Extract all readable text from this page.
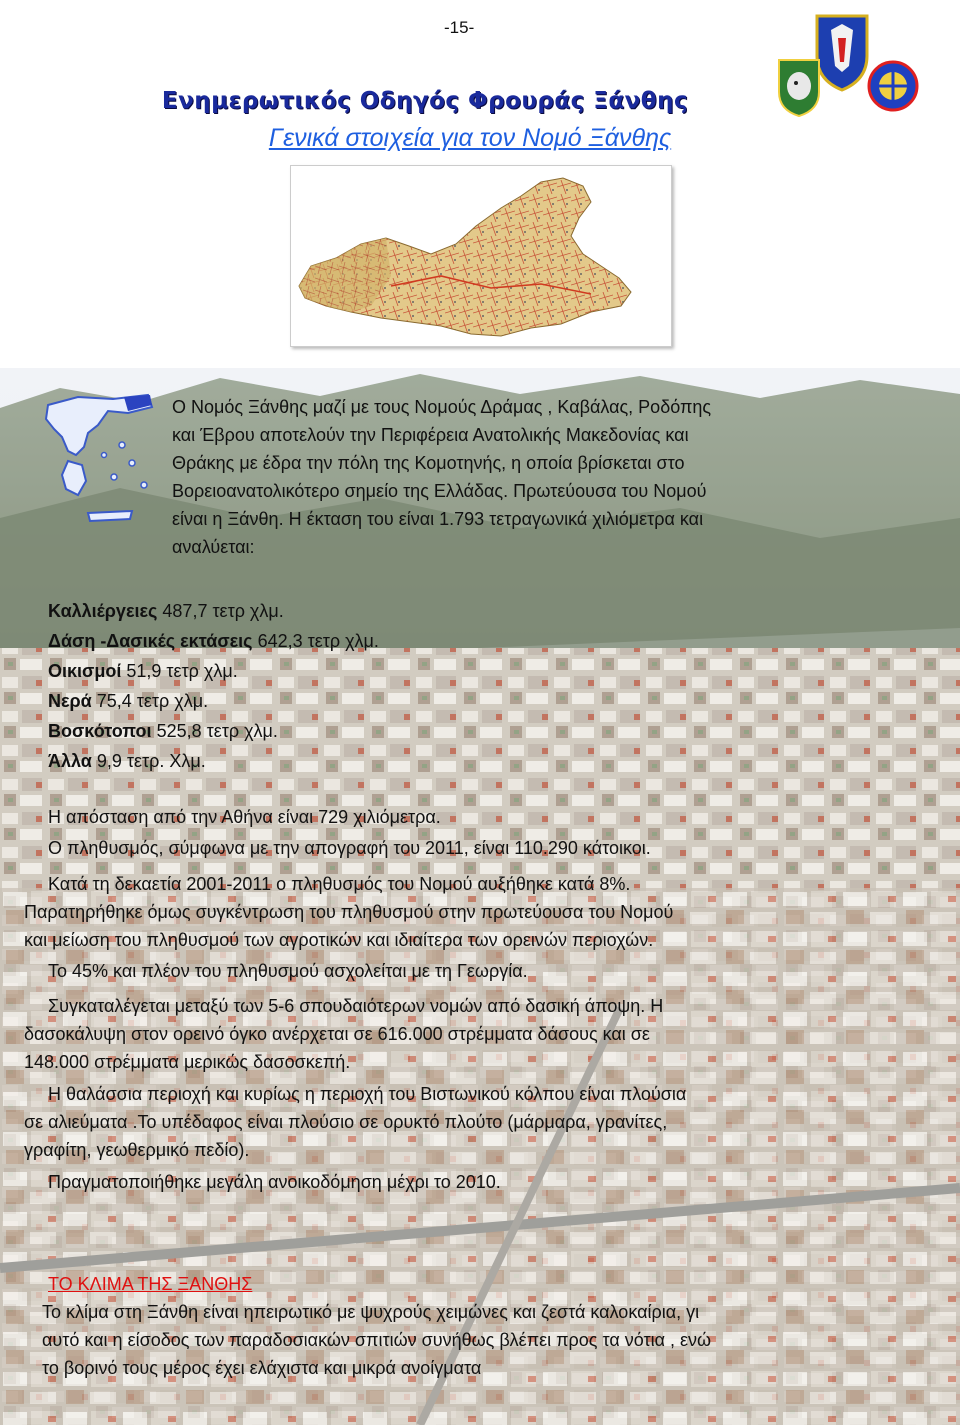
-15-
Ενημερωτικός Οδηγός Φρουράς Ξάνθης
Γενικά στοιχεία για τον Νομό Ξάνθης
Ο Νομός Ξάνθης μαζί με τους Νομούς Δράμας , Καβάλας, Ροδόπης
και Έβρου αποτελούν την Περιφέρεια Ανατολικής Μακεδονίας και
Θράκης με έδρα την πόλη της Κομοτηνής, η οποία βρίσκεται στο
Βορειοανατολικότερο σημείο της Ελλάδας. Πρωτεύουσα του Νομού
είναι η Ξάνθη. Η έκταση του είναι 1.793 τετραγωνικά χιλιόμετρα και
αναλύεται:
Καλλιέργειες 487,7 τετρ χλμ.
Δάση -Δασικές εκτάσεις 642,3 τετρ χλμ.
Οικισμοί 51,9 τετρ χλμ.
Νερά 75,4 τετρ χλμ.
Βοσκότοποι 525,8 τετρ χλμ.
Άλλα 9,9 τετρ. Χλμ.
Η απόσταση από την Αθήνα είναι 729 χιλιόμετρα.
Ο πληθυσμός, σύμφωνα με την απογραφή του 2011, είναι 110.290 κάτοικοι.
Κατά τη δεκαετία 2001-2011 ο πληθυσμός του Νομού αυξήθηκε κατά 8%.
Παρατηρήθηκε όμως συγκέντρωση του πληθυσμού στην πρωτεύουσα του Νομού
και μείωση του πληθυσμού των αγροτικών και ιδιαίτερα των ορεινών περιοχών.
Το 45% και πλέον του πληθυσμού ασχολείται με τη Γεωργία.
Συγκαταλέγεται μεταξύ των 5-6 σπουδαιότερων νομών από δασική άποψη. Η
δασοκάλυψη στον ορεινό όγκο ανέρχεται σε 616.000 στρέμματα δάσους και σε
148.000 στρέμματα μερικώς δασοσκεπή.
Η θαλάσσια περιοχή και κυρίως η περιοχή του Βιστωνικού κόλπου είναι πλούσια
σε αλιεύματα .Το υπέδαφος είναι πλούσιο σε ορυκτό πλούτο (μάρμαρα, γρανίτες,
γραφίτη, γεωθερμικό πεδίο).
Πραγματοποιήθηκε μεγάλη ανοικοδόμηση μέχρι το 2010.
ΤΟ ΚΛΙΜΑ ΤΗΣ ΞΑΝΘΗΣ
Το κλίμα στη Ξάνθη είναι ηπειρωτικό με ψυχρούς χειμώνες και ζεστά καλοκαίρια, γι
αυτό και η είσοδος των παραδοσιακών σπιτιών συνήθως βλέπει προς τα νότια , ενώ
το βορινό τους μέρος έχει ελάχιστα και μικρά ανοίγματα
